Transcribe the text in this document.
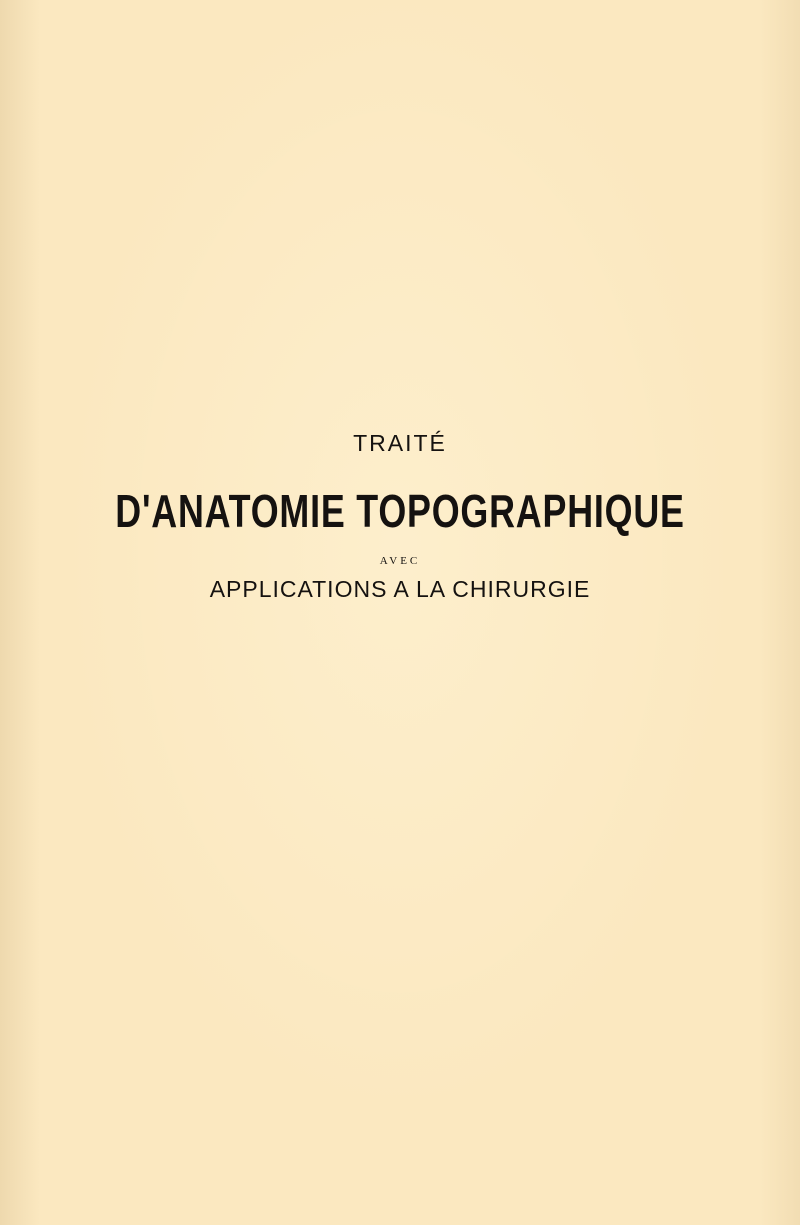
TRAITÉ
D'ANATOMIE TOPOGRAPHIQUE
AVEC
APPLICATIONS A LA CHIRURGIE
